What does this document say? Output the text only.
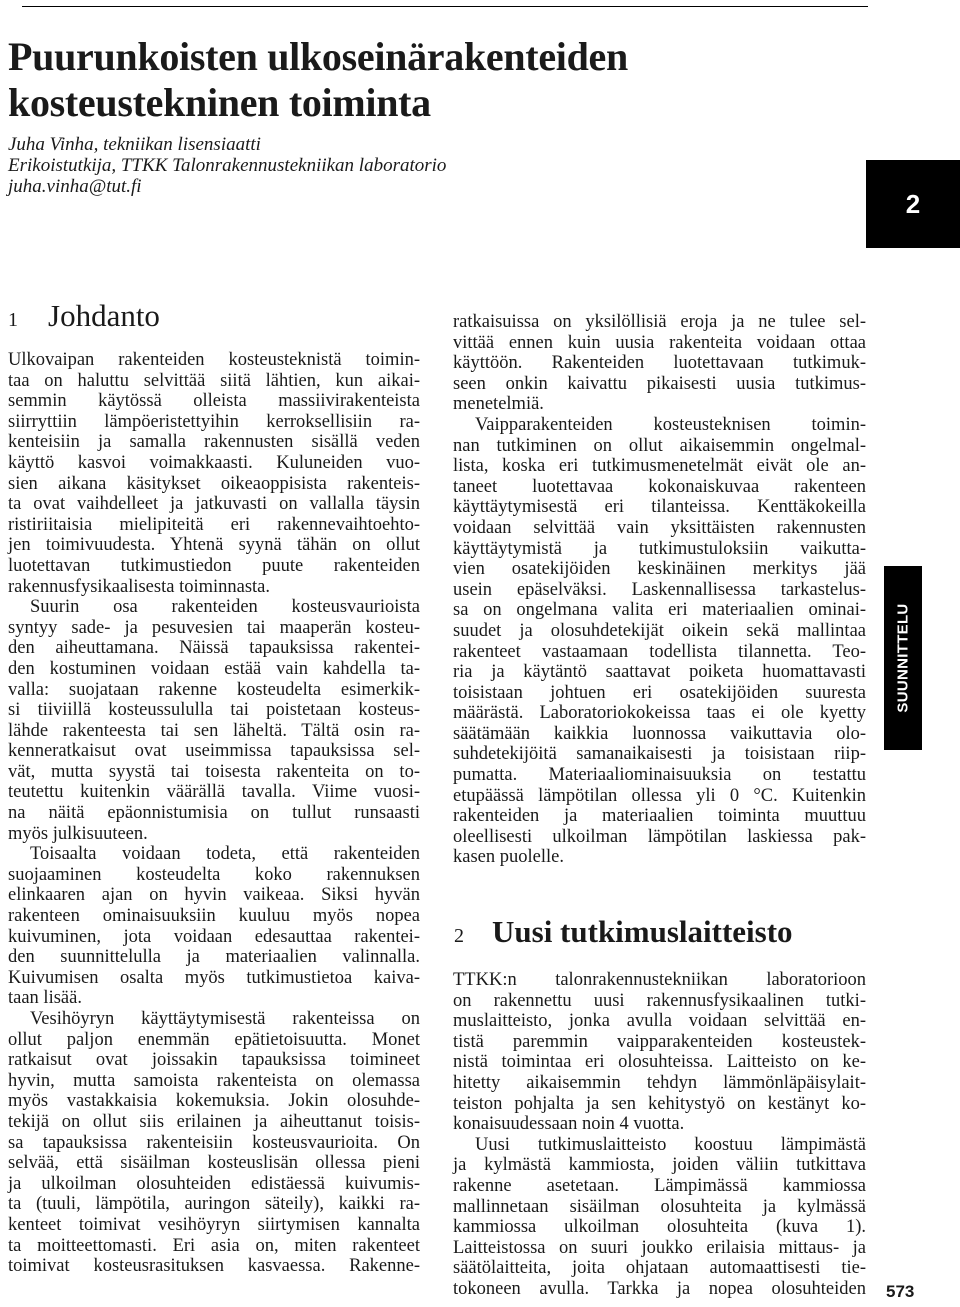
Puurunkoisten ulkoseinärakenteiden
kosteustekninen toiminta
Juha Vinha, tekniikan lisensiaatti
Erikoistutkija, TTKK Talonrakennustekniikan laboratorio
juha.vinha@tut.fi
2
1 Johdanto
Ulkovaipan rakenteiden kosteusteknistä toimin-
taa on haluttu selvittää siitä lähtien, kun aikai-
semmin käytössä olleista massiivirakenteista
siirryttiin lämpöeristettyihin kerroksellisiin ra-
kenteisiin ja samalla rakennusten sisällä veden
käyttö kasvoi voimakkaasti. Kuluneiden vuo-
sien aikana käsitykset oikeaoppisista rakenteis-
ta ovat vaihdelleet ja jatkuvasti on vallalla täysin
ristiriitaisia mielipiteitä eri rakennevaihtoehto-
jen toimivuudesta. Yhtenä syynä tähän on ollut
luotettavan tutkimustiedon puute rakenteiden
rakennusfysikaalisesta toiminnasta.
Suurin osa rakenteiden kosteusvaurioista
syntyy sade- ja pesuvesien tai maaperän kosteu-
den aiheuttamana. Näissä tapauksissa rakentei-
den kostuminen voidaan estää vain kahdella ta-
valla: suojataan rakenne kosteudelta esimerkik-
si tiiviillä kosteussululla tai poistetaan kosteus-
lähde rakenteesta tai sen läheltä. Tältä osin ra-
kenneratkaisut ovat useimmissa tapauksissa sel-
vät, mutta syystä tai toisesta rakenteita on to-
teutettu kuitenkin väärällä tavalla. Viime vuosi-
na näitä epäonnistumisia on tullut runsaasti
myös julkisuuteen.
Toisaalta voidaan todeta, että rakenteiden
suojaaminen kosteudelta koko rakennuksen
elinkaaren ajan on hyvin vaikeaa. Siksi hyvän
rakenteen ominaisuuksiin kuuluu myös nopea
kuivuminen, jota voidaan edesauttaa rakentei-
den suunnittelulla ja materiaalien valinnalla.
Kuivumisen osalta myös tutkimustietoa kaiva-
taan lisää.
Vesihöyryn käyttäytymisestä rakenteissa on
ollut paljon enemmän epätietoisuutta. Monet
ratkaisut ovat joissakin tapauksissa toimineet
hyvin, mutta samoista rakenteista on olemassa
myös vastakkaisia kokemuksia. Jokin olosuhde-
tekijä on ollut siis erilainen ja aiheuttanut toisis-
sa tapauksissa rakenteisiin kosteusvaurioita. On
selvää, että sisäilman kosteuslisän ollessa pieni
ja ulkoilman olosuhteiden edistäessä kuivumis-
ta (tuuli, lämpötila, auringon säteily), kaikki ra-
kenteet toimivat vesihöyryn siirtymisen kannalta
ta moitteettomasti. Eri asia on, miten rakenteet
toimivat kosteusrasituksen kasvaessa. Rakenne-
ratkaisuissa on yksilöllisiä eroja ja ne tulee sel-
vittää ennen kuin uusia rakenteita voidaan ottaa
käyttöön. Rakenteiden luotettavaan tutkimuk-
seen onkin kaivattu pikaisesti uusia tutkimus-
menetelmiä.
Vaipparakenteiden kosteusteknisen toimin-
nan tutkiminen on ollut aikaisemmin ongelmal-
lista, koska eri tutkimusmenetelmät eivät ole an-
taneet luotettavaa kokonaiskuvaa rakenteen
käyttäytymisestä eri tilanteissa. Kenttäkokeilla
voidaan selvittää vain yksittäisten rakennusten
käyttäytymistä ja tutkimustuloksiin vaikutta-
vien osatekijöiden keskinäinen merkitys jää
usein epäselväksi. Laskennallisessa tarkastelus-
sa on ongelmana valita eri materiaalien ominai-
suudet ja olosuhdetekijät oikein sekä mallintaa
rakenteet vastaamaan todellista tilannetta. Teo-
ria ja käytäntö saattavat poiketa huomattavasti
toisistaan johtuen eri osatekijöiden suuresta
määrästä. Laboratoriokokeissa taas ei ole kyetty
säätämään kaikkia luonnossa vaikuttavia olo-
suhdetekijöitä samanaikaisesti ja toisistaan riip-
pumatta. Materiaaliominaisuuksia on testattu
etupäässä lämpötilan ollessa yli 0 °C. Kuitenkin
rakenteiden ja materiaalien toiminta muuttuu
oleellisesti ulkoilman lämpötilan laskiessa pak-
kasen puolelle.
2 Uusi tutkimuslaitteisto
TTKK:n talonrakennustekniikan laboratorioon
on rakennettu uusi rakennusfysikaalinen tutki-
muslaitteisto, jonka avulla voidaan selvittää en-
tistä paremmin vaipparakenteiden kosteustek-
nistä toimintaa eri olosuhteissa. Laitteisto on ke-
hitetty aikaisemmin tehdyn lämmönläpäisylait-
teiston pohjalta ja sen kehitystyö on kestänyt ko-
konaisuudessaan noin 4 vuotta.
Uusi tutkimuslaitteisto koostuu lämpimästä
ja kylmästä kammiosta, joiden väliin tutkittava
rakenne asetetaan. Lämpimässä kammiossa
mallinnetaan sisäilman olosuhteita ja kylmässä
kammiossa ulkoilman olosuhteita (kuva 1).
Laitteistossa on suuri joukko erilaisia mittaus- ja
säätölaitteita, joita ohjataan automaattisesti tie-
tokoneen avulla. Tarkka ja nopea olosuhteiden
SUUNNITTELU
573
